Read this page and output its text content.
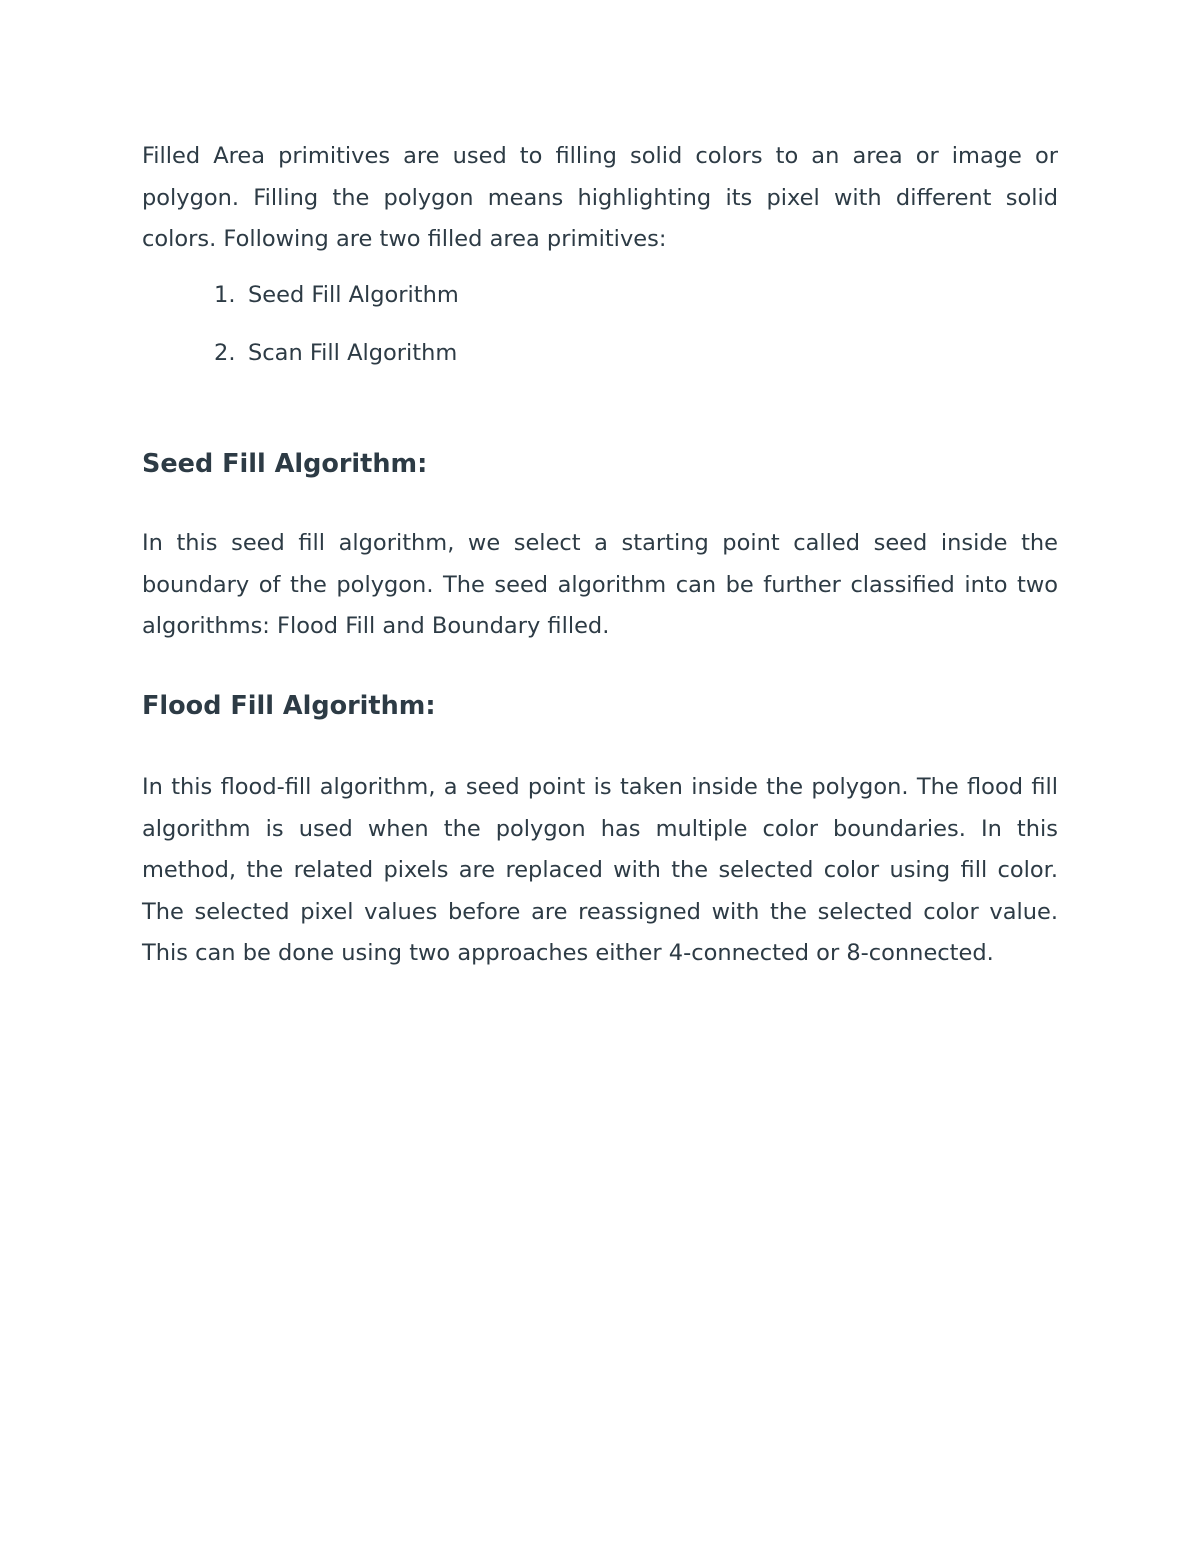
Filled Area primitives are used to filling solid colors to an area or image or polygon. Filling the polygon means highlighting its pixel with different solid colors. Following are two filled area primitives:

1. Seed Fill Algorithm
2. Scan Fill Algorithm
Seed Fill Algorithm:

In this seed fill algorithm, we select a starting point called seed inside the boundary of the polygon. The seed algorithm can be further classified into two algorithms: Flood Fill and Boundary filled.

Flood Fill Algorithm:

In this flood-fill algorithm, a seed point is taken inside the polygon. The flood fill algorithm is used when the polygon has multiple color boundaries. In this method, the related pixels are replaced with the selected color using fill color. The selected pixel values before are reassigned with the selected color value. This can be done using two approaches either 4-connected or 8-connected.
